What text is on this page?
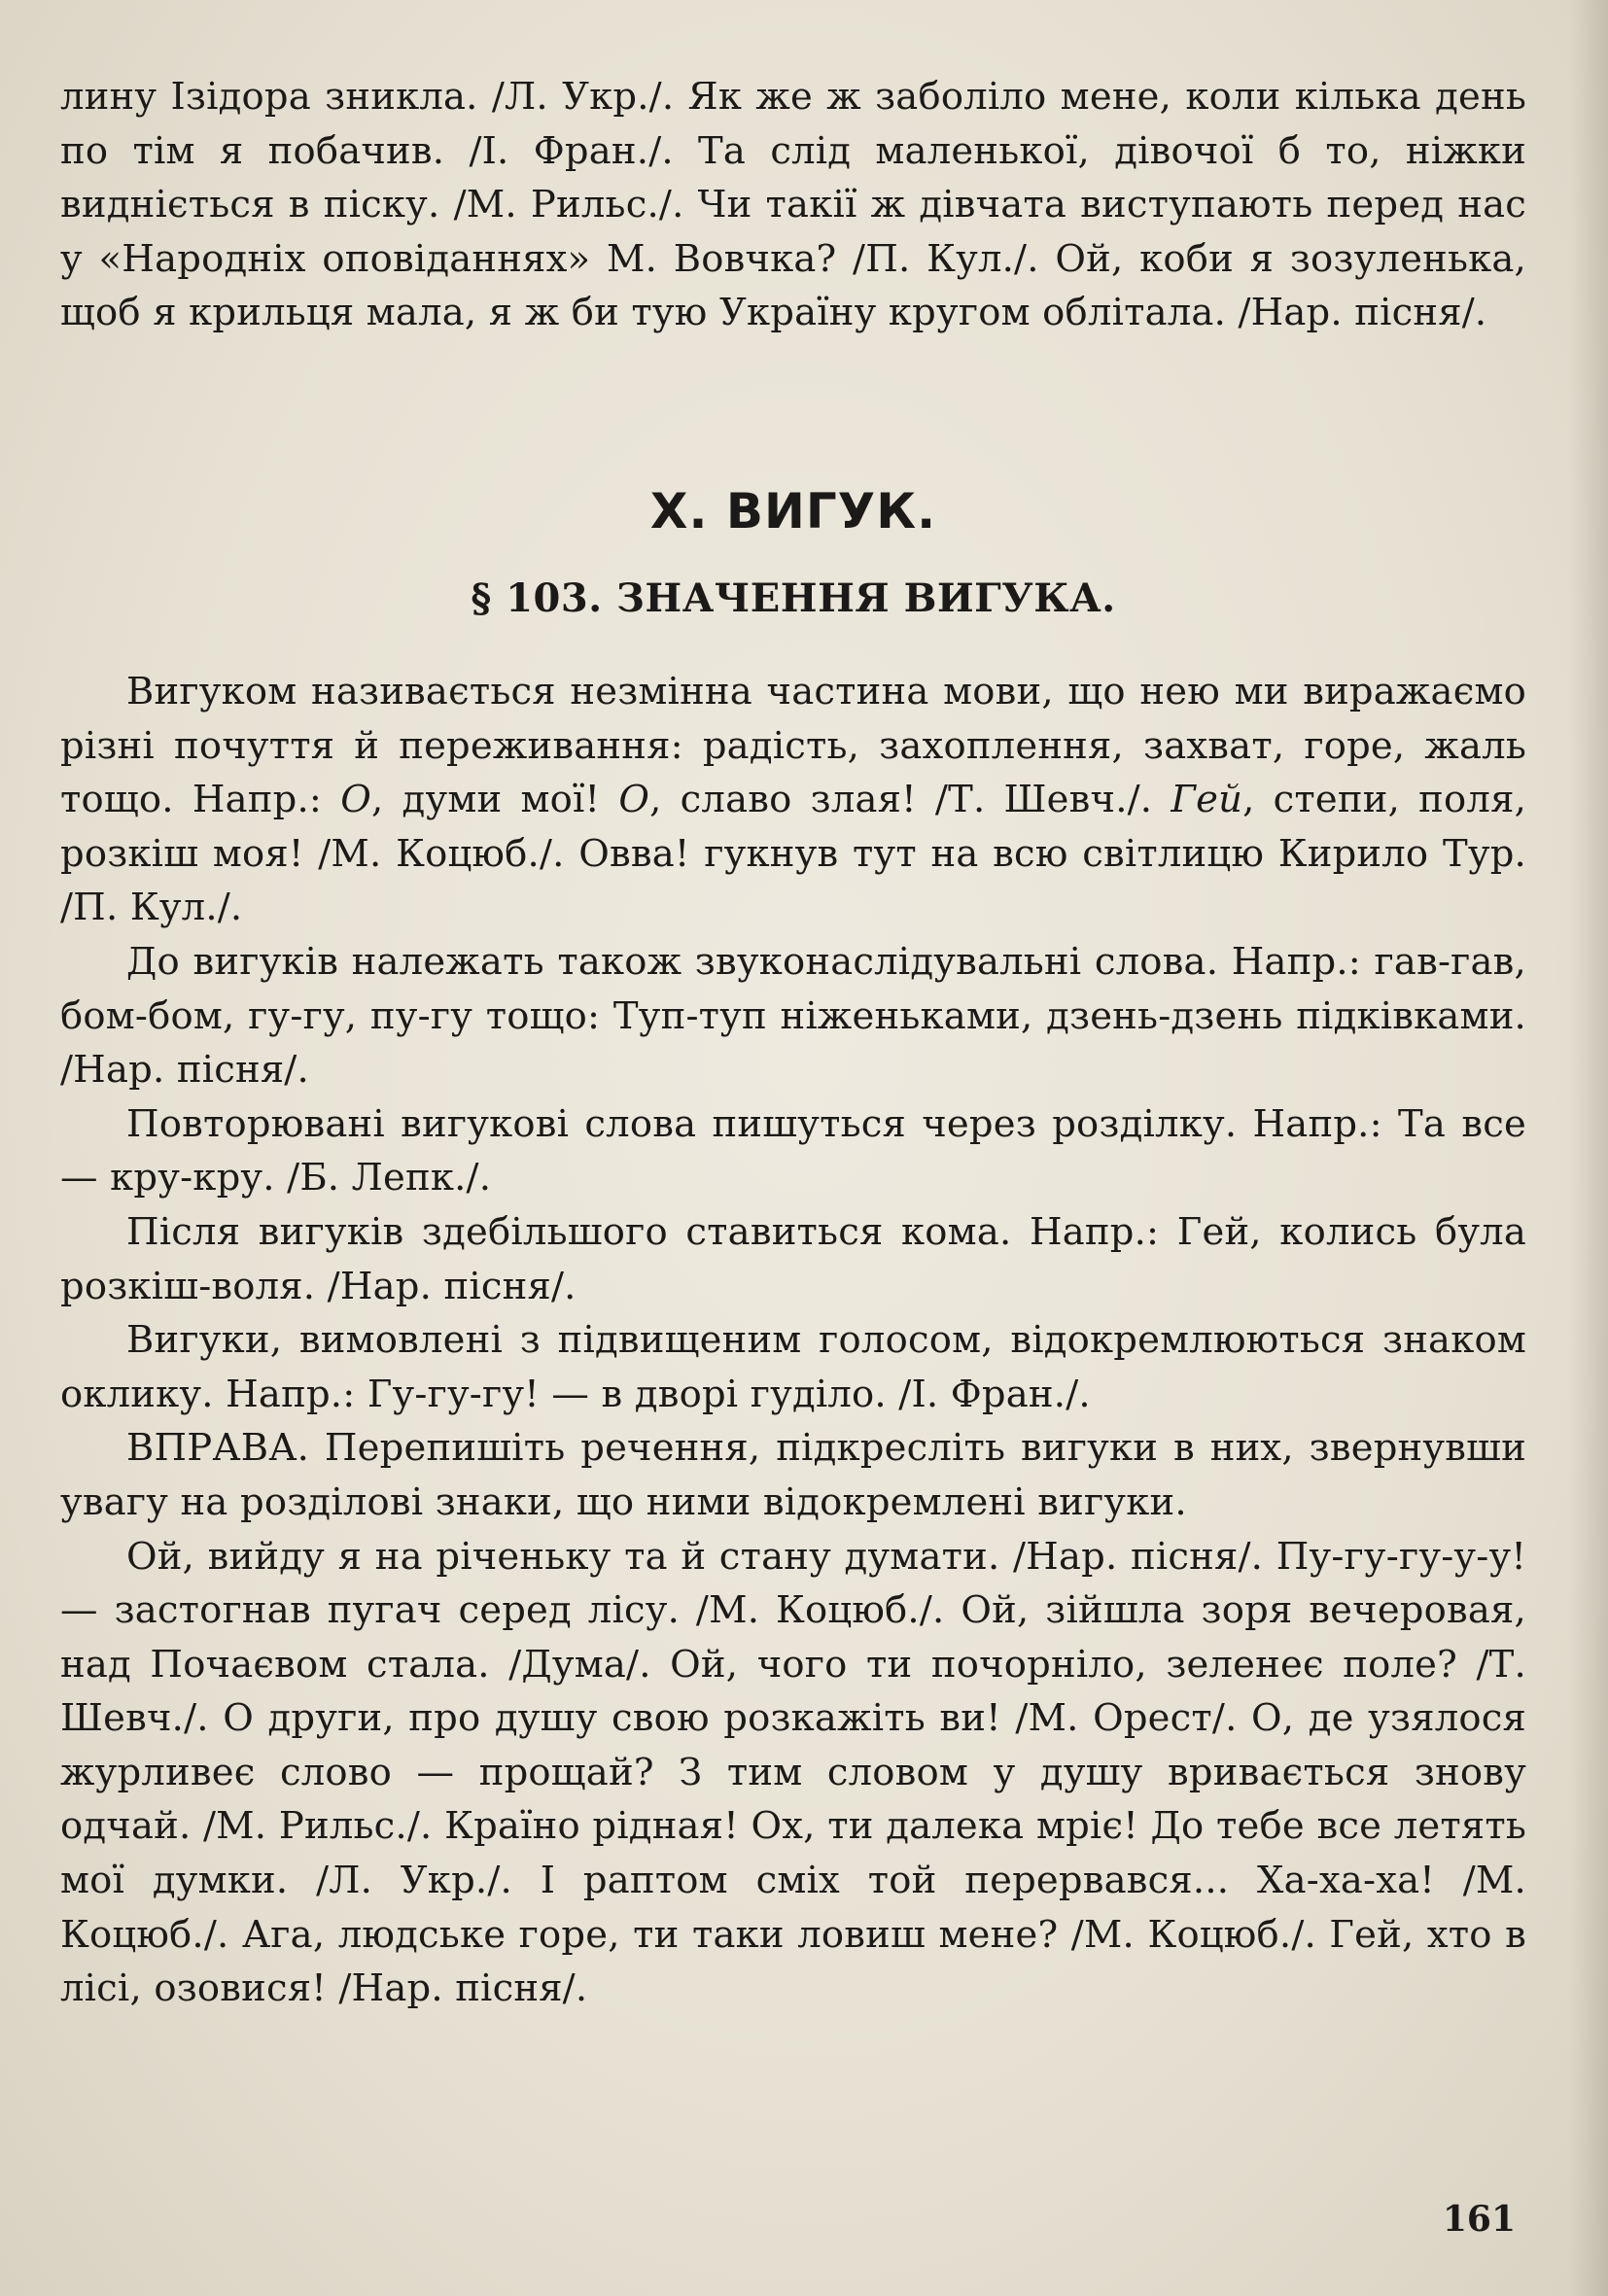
лину Ізідора зникла. /Л. Укр./. Як же ж заболіло мене, коли кілька день по тім я побачив. /І. Фран./. Та слід маленької, дівочої б то, ніжки видніється в піску. /М. Рильс./. Чи такії ж дівчата виступають перед нас у «Народніх оповіданнях» М. Вовчка? /П. Кул./. Ой, коби я зозуленька, щоб я крильця мала, я ж би тую Україну кругом облітала. /Нар. пісня/.

X. ВИГУК.
§ 103. ЗНАЧЕННЯ ВИГУКА.

Вигуком називається незмінна частина мови, що нею ми виражаємо різні почуття й переживання: радість, захоплення, захват, горе, жаль тощо. Напр.: О, думи мої! О, славо злая! /Т. Шевч./. Гей, степи, поля, розкіш моя! /М. Коцюб./. Овва! гукнув тут на всю світлицю Кирило Тур. /П. Кул./.

До вигуків належать також звуконаслідувальні слова. Напр.: гав-гав, бом-бом, гу-гу, пу-гу тощо: Туп-туп ніженьками, дзень-дзень підківками. /Нар. пісня/.

Повторювані вигукові слова пишуться через розділку. Напр.: Та все — кру-кру. /Б. Лепк./.

Після вигуків здебільшого ставиться кома. Напр.: Гей, колись була розкіш-воля. /Нар. пісня/.

Вигуки, вимовлені з підвищеним голосом, відокремлюються знаком оклику. Напр.: Гу-гу-гу! — в дворі гуділо. /І. Фран./.

ВПРАВА. Перепишіть речення, підкресліть вигуки в них, звернувши увагу на розділові знаки, що ними відокремлені вигуки.

Ой, вийду я на річеньку та й стану думати. /Нар. пісня/. Пу-гу-гу-у-у! — застогнав пугач серед лісу. /М. Коцюб./. Ой, зійшла зоря вечеровая, над Почаєвом стала. /Дума/. Ой, чого ти почорніло, зеленеє поле? /Т. Шевч./. О други, про душу свою розкажіть ви! /М. Орест/. О, де узялося журливеє слово — прощай? З тим словом у душу вривається знову одчай. /М. Рильс./. Країно рідная! Ох, ти далека мріє! До тебе все летять мої думки. /Л. Укр./. І раптом сміх той перервався... Ха-ха-ха! /М. Коцюб./. Ага, людське горе, ти таки ловиш мене? /М. Коцюб./. Гей, хто в лісі, озовися! /Нар. пісня/.

161
